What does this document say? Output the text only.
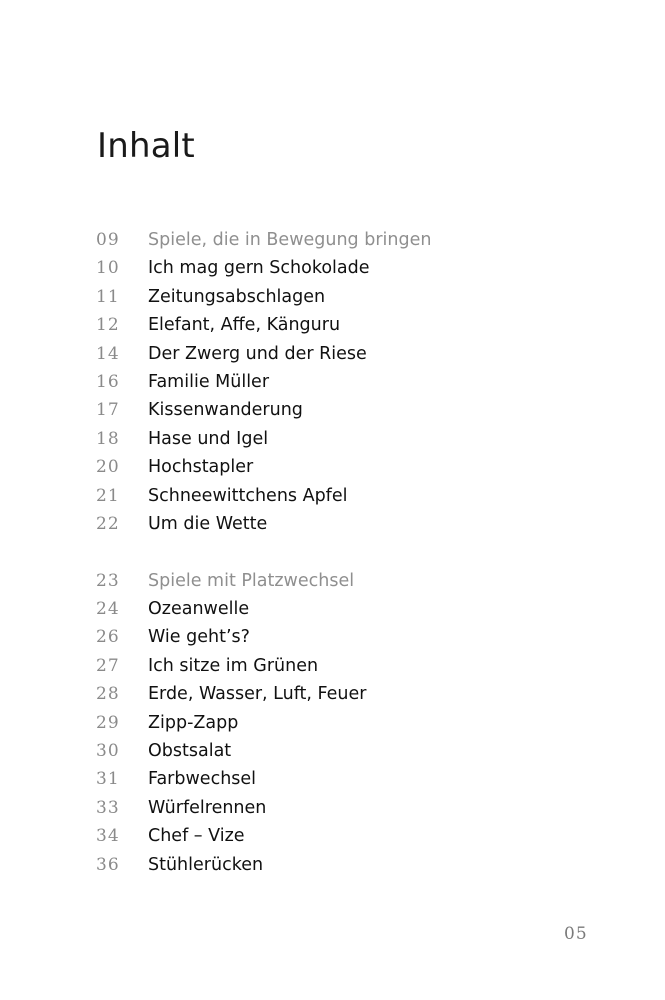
Inhalt
09	Spiele, die in Bewegung bringen
10	Ich mag gern Schokolade
11	Zeitungsabschlagen
12	Elefant, Affe, Känguru
14	Der Zwerg und der Riese
16	Familie Müller
17	Kissenwanderung
18	Hase und Igel
20	Hochstapler
21	Schneewittchens Apfel
22	Um die Wette
23	Spiele mit Platzwechsel
24	Ozeanwelle
26	Wie geht’s?
27	Ich sitze im Grünen
28	Erde, Wasser, Luft, Feuer
29	Zipp-Zapp
30	Obstsalat
31	Farbwechsel
33	Würfelrennen
34	Chef – Vize
36	Stühlerücken
05
